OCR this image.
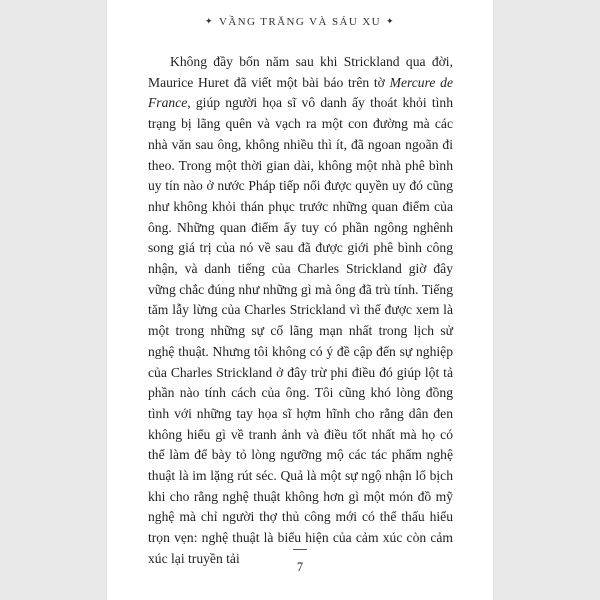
✦ VẦNG TRĂNG VÀ SÁU XU ✦

Không đầy bốn năm sau khi Strickland qua đời, Maurice Huret đã viết một bài báo trên tờ Mercure de France, giúp người họa sĩ vô danh ấy thoát khỏi tình trạng bị lãng quên và vạch ra một con đường mà các nhà văn sau ông, không nhiều thì ít, đã ngoan ngoãn đi theo. Trong một thời gian dài, không một nhà phê bình uy tín nào ở nước Pháp tiếp nối được quyền uy đó cũng như không khỏi thán phục trước những quan điểm của ông. Những quan điểm ấy tuy có phần ngông nghênh song giá trị của nó về sau đã được giới phê bình công nhận, và danh tiếng của Charles Strickland giờ đây vững chắc đúng như những gì mà ông đã trù tính. Tiếng tăm lẫy lừng của Charles Strickland vì thế được xem là một trong những sự cố lãng mạn nhất trong lịch sử nghệ thuật. Nhưng tôi không có ý đề cập đến sự nghiệp của Charles Strickland ở đây trừ phi điều đó giúp lột tả phần nào tính cách của ông. Tôi cũng khó lòng đồng tình với những tay họa sĩ hợm hĩnh cho rằng dân đen không hiểu gì về tranh ảnh và điều tốt nhất mà họ có thể làm để bày tỏ lòng ngưỡng mộ các tác phẩm nghệ thuật là im lặng rút séc. Quả là một sự ngộ nhận lố bịch khi cho rằng nghệ thuật không hơn gì một món đồ mỹ nghệ mà chỉ người thợ thủ công mới có thể thấu hiểu trọn vẹn: nghệ thuật là biểu hiện của cảm xúc còn cảm xúc lại truyền tải

7
